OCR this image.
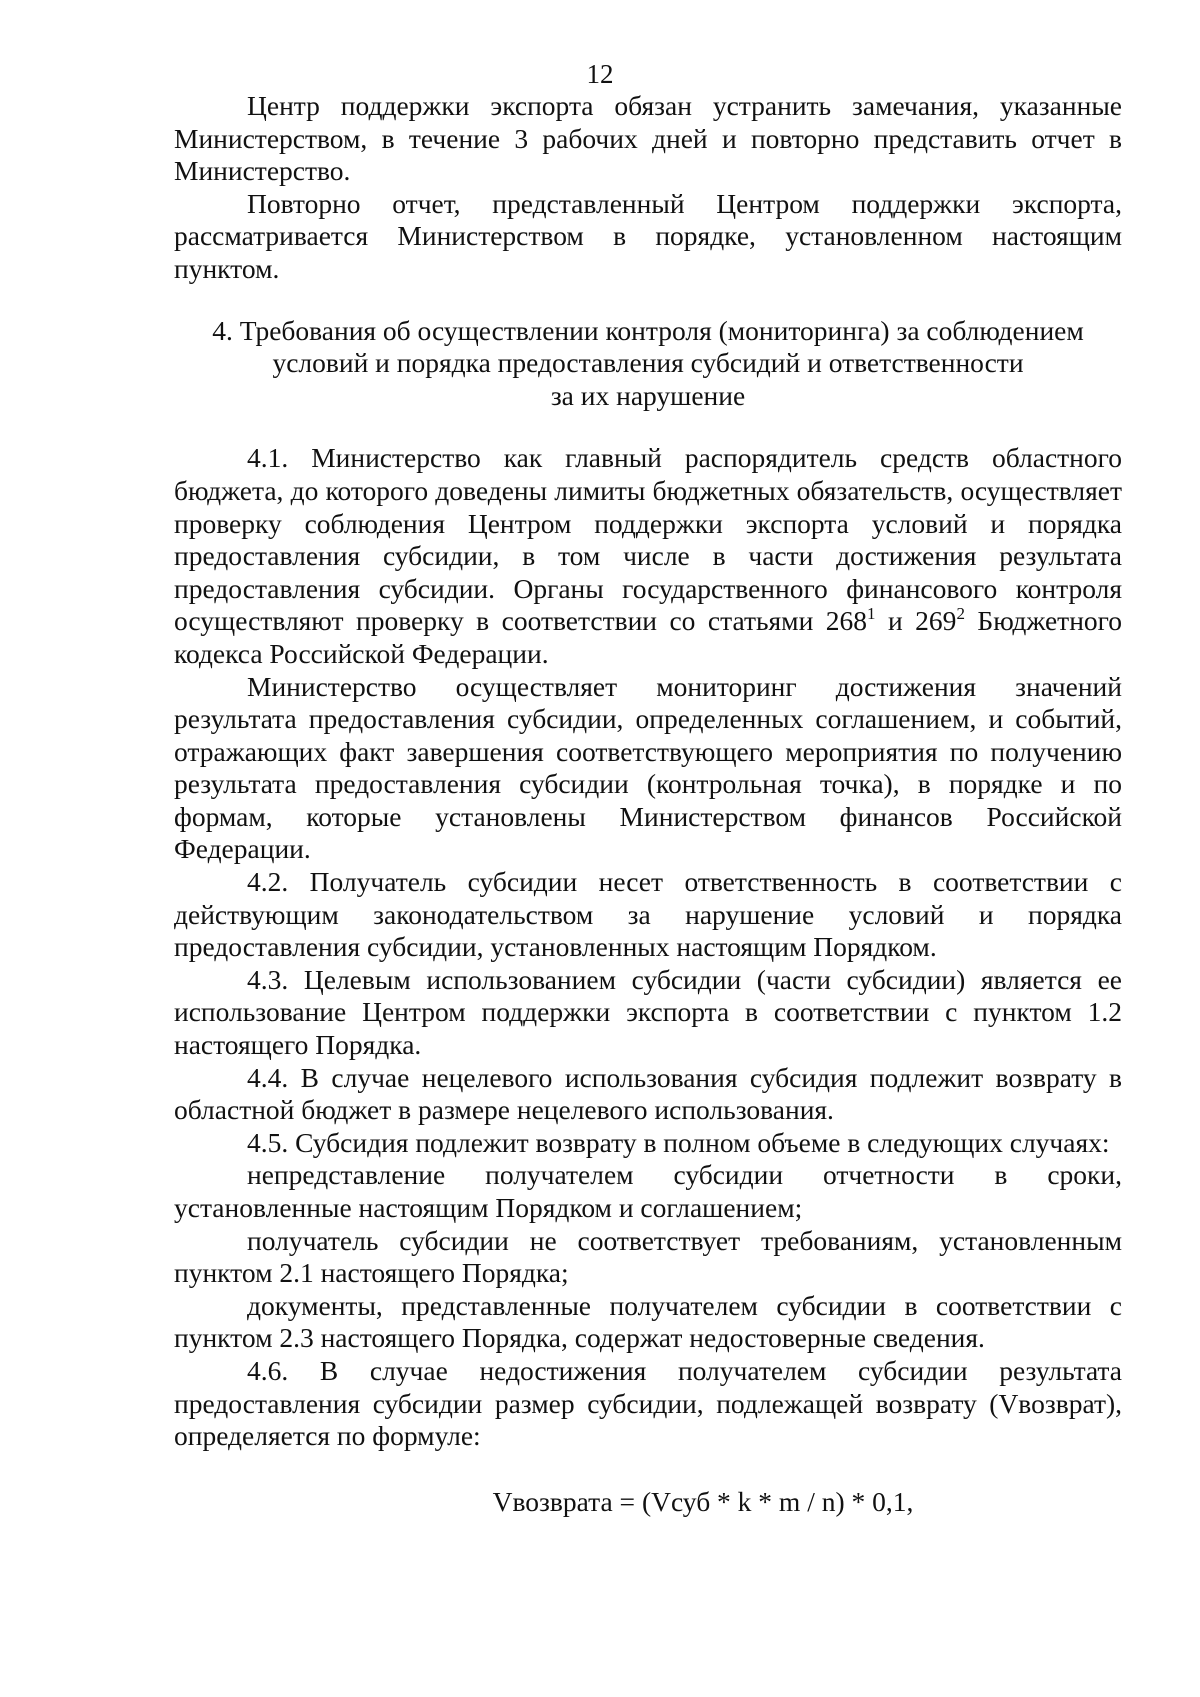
12

Центр поддержки экспорта обязан устранить замечания, указанные Министерством, в течение 3 рабочих дней и повторно представить отчет в Министерство.

Повторно отчет, представленный Центром поддержки экспорта, рассматривается Министерством в порядке, установленном настоящим пунктом.

4. Требования об осуществлении контроля (мониторинга) за соблюдением
условий и порядка предоставления субсидий и ответственности
за их нарушение

4.1. Министерство как главный распорядитель средств областного бюджета, до которого доведены лимиты бюджетных обязательств, осуществляет проверку соблюдения Центром поддержки экспорта условий и порядка предоставления субсидии, в том числе в части достижения результата предоставления субсидии. Органы государственного финансового контроля осуществляют проверку в соответствии со статьями $268^1$ и $269^2$ Бюджетного кодекса Российской Федерации.

Министерство осуществляет мониторинг достижения значений результата предоставления субсидии, определенных соглашением, и событий, отражающих факт завершения соответствующего мероприятия по получению результата предоставления субсидии (контрольная точка), в порядке и по формам, которые установлены Министерством финансов Российской Федерации.

4.2. Получатель субсидии несет ответственность в соответствии с действующим законодательством за нарушение условий и порядка предоставления субсидии, установленных настоящим Порядком.

4.3. Целевым использованием субсидии (части субсидии) является ее использование Центром поддержки экспорта в соответствии с пунктом 1.2 настоящего Порядка.

4.4. В случае нецелевого использования субсидия подлежит возврату в областной бюджет в размере нецелевого использования.

4.5. Субсидия подлежит возврату в полном объеме в следующих случаях:

непредставление получателем субсидии отчетности в сроки, установленные настоящим Порядком и соглашением;

получатель субсидии не соответствует требованиям, установленным пунктом 2.1 настоящего Порядка;

документы, представленные получателем субсидии в соответствии с пунктом 2.3 настоящего Порядка, содержат недостоверные сведения.

4.6. В случае недостижения получателем субсидии результата предоставления субсидии размер субсидии, подлежащей возврату (Vвозврат), определяется по формуле:

Vвозврата = (Vсуб * k * m / n) * 0,1,
